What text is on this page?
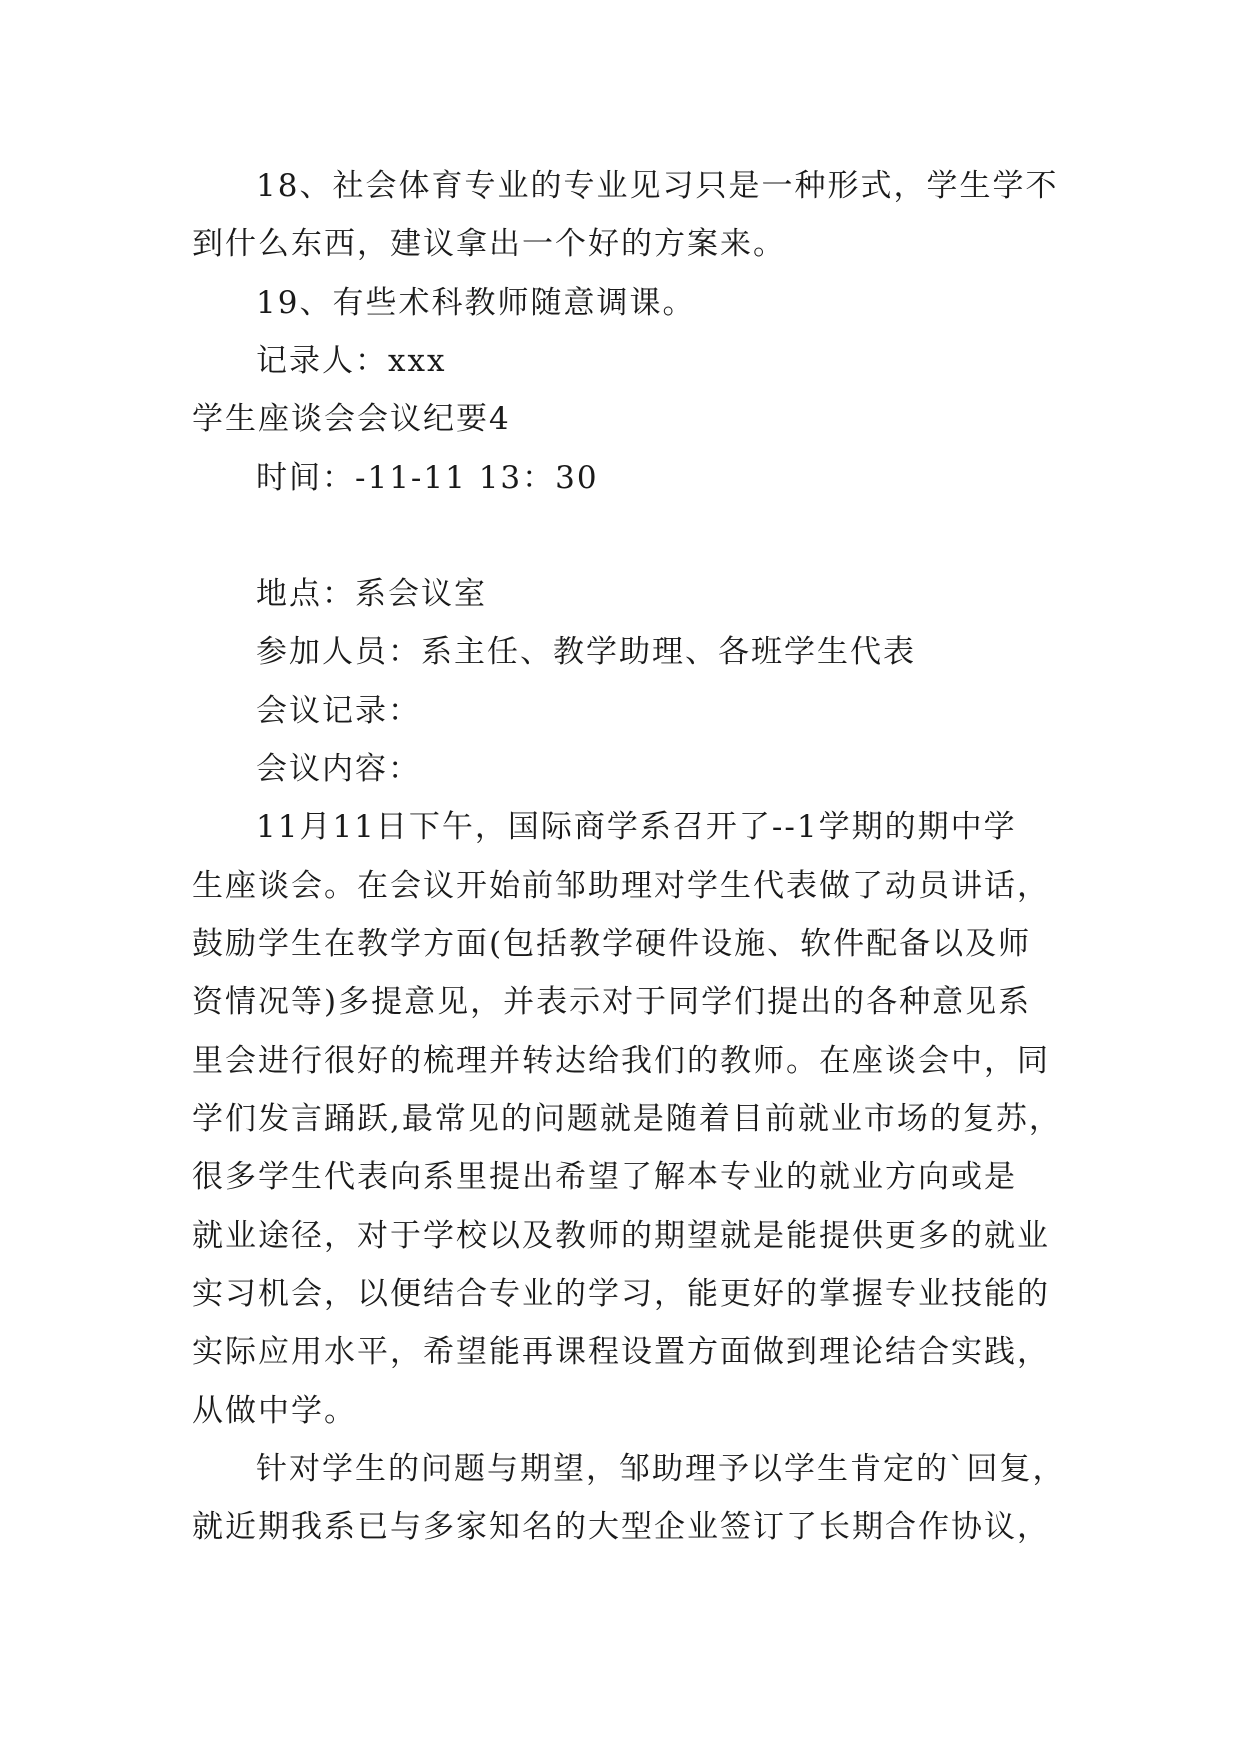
18、社会体育专业的专业见习只是一种形式，学生学不
到什么东西，建议拿出一个好的方案来。
19、有些术科教师随意调课。
记录人：xxx
学生座谈会会议纪要4
时间：-11-11 13：30
地点：系会议室
参加人员：系主任、教学助理、各班学生代表
会议记录：
会议内容：
11月11日下午，国际商学系召开了--1学期的期中学
生座谈会。在会议开始前邹助理对学生代表做了动员讲话，
鼓励学生在教学方面(包括教学硬件设施、软件配备以及师
资情况等)多提意见，并表示对于同学们提出的各种意见系
里会进行很好的梳理并转达给我们的教师。在座谈会中，同
学们发言踊跃,最常见的问题就是随着目前就业市场的复苏，
很多学生代表向系里提出希望了解本专业的就业方向或是
就业途径，对于学校以及教师的期望就是能提供更多的就业
实习机会，以便结合专业的学习，能更好的掌握专业技能的
实际应用水平，希望能再课程设置方面做到理论结合实践，
从做中学。
针对学生的问题与期望，邹助理予以学生肯定的`回复，
就近期我系已与多家知名的大型企业签订了长期合作协议，
